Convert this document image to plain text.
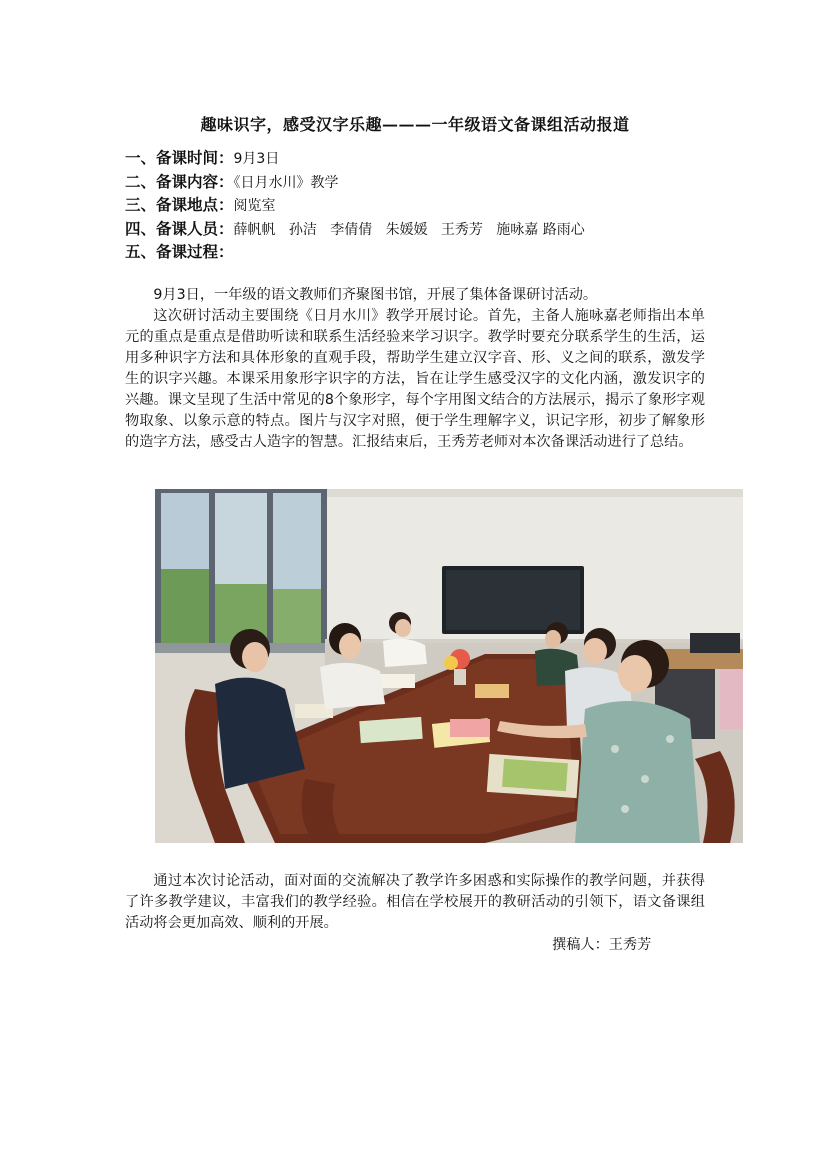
趣味识字，感受汉字乐趣———一年级语文备课组活动报道
一、备课时间：9月3日
二、备课内容：《日月水川》教学
三、备课地点：阅览室
四、备课人员：薛帆帆   孙洁   李倩倩   朱媛媛   王秀芳   施咏嘉 路雨心
五、备课过程：

9月3日，一年级的语文教师们齐聚图书馆，开展了集体备课研讨活动。

这次研讨活动主要围绕《日月水川》教学开展讨论。首先，主备人施咏嘉老师指出本单元的重点是重点是借助听读和联系生活经验来学习识字。教学时要充分联系学生的生活，运用多种识字方法和具体形象的直观手段，帮助学生建立汉字音、形、义之间的联系，激发学生的识字兴趣。本课采用象形字识字的方法，旨在让学生感受汉字的文化内涵，激发识字的兴趣。课文呈现了生活中常见的8个象形字，每个字用图文结合的方法展示，揭示了象形字观物取象、以象示意的特点。图片与汉字对照，便于学生理解字义，识记字形，初步了解象形的造字方法，感受古人造字的智慧。汇报结束后，王秀芳老师对本次备课活动进行了总结。

通过本次讨论活动，面对面的交流解决了教学许多困惑和实际操作的教学问题，并获得了许多教学建议，丰富我们的教学经验。相信在学校展开的教研活动的引领下，语文备课组活动将会更加高效、顺利的开展。

撰稿人：王秀芳
